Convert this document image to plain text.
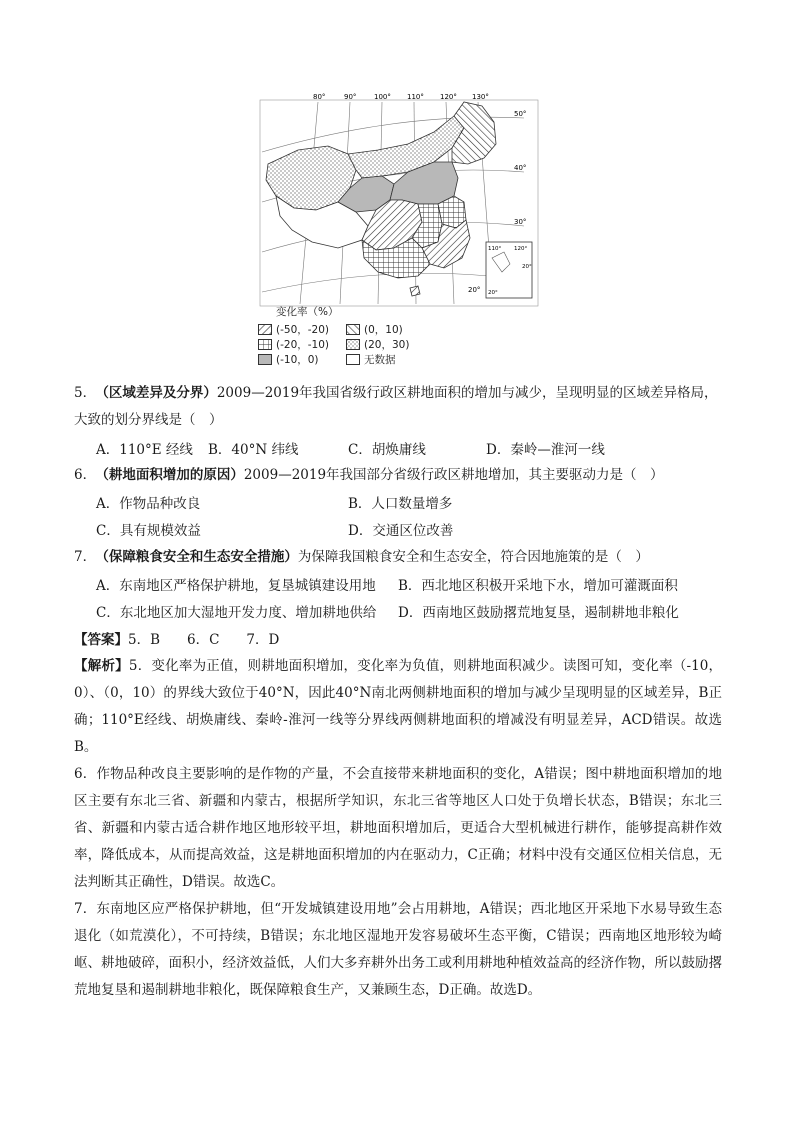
80°	90°	100° 110° 120° 130°
50°
40°
30°
20°
110° 120°
20°
20°
变化率（%）
(-50，-20)	(0，10)
(-20，-10)	(20，30)
(-10，0)	无数据
5． （区域差异及分界）2009—2019年我国省级行政区耕地面积的增加与减少，呈现明显的区域差异格局，大致的划分界线是（　）
A．110°E 经线 B．40°N 纬线	C．胡焕庸线	D．秦岭—淮河一线
6． （耕地面积增加的原因）2009—2019年我国部分省级行政区耕地增加，其主要驱动力是（　）
A．作物品种改良	B．人口数量增多
C．具有规模效益	D．交通区位改善
7． （保障粮食安全和生态安全措施）为保障我国粮食安全和生态安全，符合因地施策的是（　）
A．东南地区严格保护耕地，复垦城镇建设用地 B．西北地区积极开采地下水，增加可灌溉面积
C．东北地区加大湿地开发力度、增加耕地供给 D．西南地区鼓励撂荒地复垦，遏制耕地非粮化
【答案】5．B　　6．C　　7．D
【解析】5．变化率为正值，则耕地面积增加，变化率为负值，则耕地面积减少。读图可知，变化率（-10，0）、（0，10）的界线大致位于40°N，因此40°N南北两侧耕地面积的增加与减少呈现明显的区域差异，B正确；110°E经线、胡焕庸线、秦岭-淮河一线等分界线两侧耕地面积的增减没有明显差异，ACD错误。故选B。
6．作物品种改良主要影响的是作物的产量，不会直接带来耕地面积的变化，A错误；图中耕地面积增加的地区主要有东北三省、新疆和内蒙古，根据所学知识，东北三省等地区人口处于负增长状态，B错误；东北三省、新疆和内蒙古适合耕作地区地形较平坦，耕地面积增加后，更适合大型机械进行耕作，能够提高耕作效率，降低成本，从而提高效益，这是耕地面积增加的内在驱动力，C正确；材料中没有交通区位相关信息，无法判断其正确性，D错误。故选C。
7．东南地区应严格保护耕地，但“开发城镇建设用地”会占用耕地，A错误；西北地区开采地下水易导致生态退化（如荒漠化），不可持续，B错误；东北地区湿地开发容易破坏生态平衡，C错误；西南地区地形较为崎岖、耕地破碎，面积小，经济效益低，人们大多弃耕外出务工或利用耕地种植效益高的经济作物，所以鼓励撂荒地复垦和遏制耕地非粮化，既保障粮食生产，又兼顾生态，D正确。故选D。
